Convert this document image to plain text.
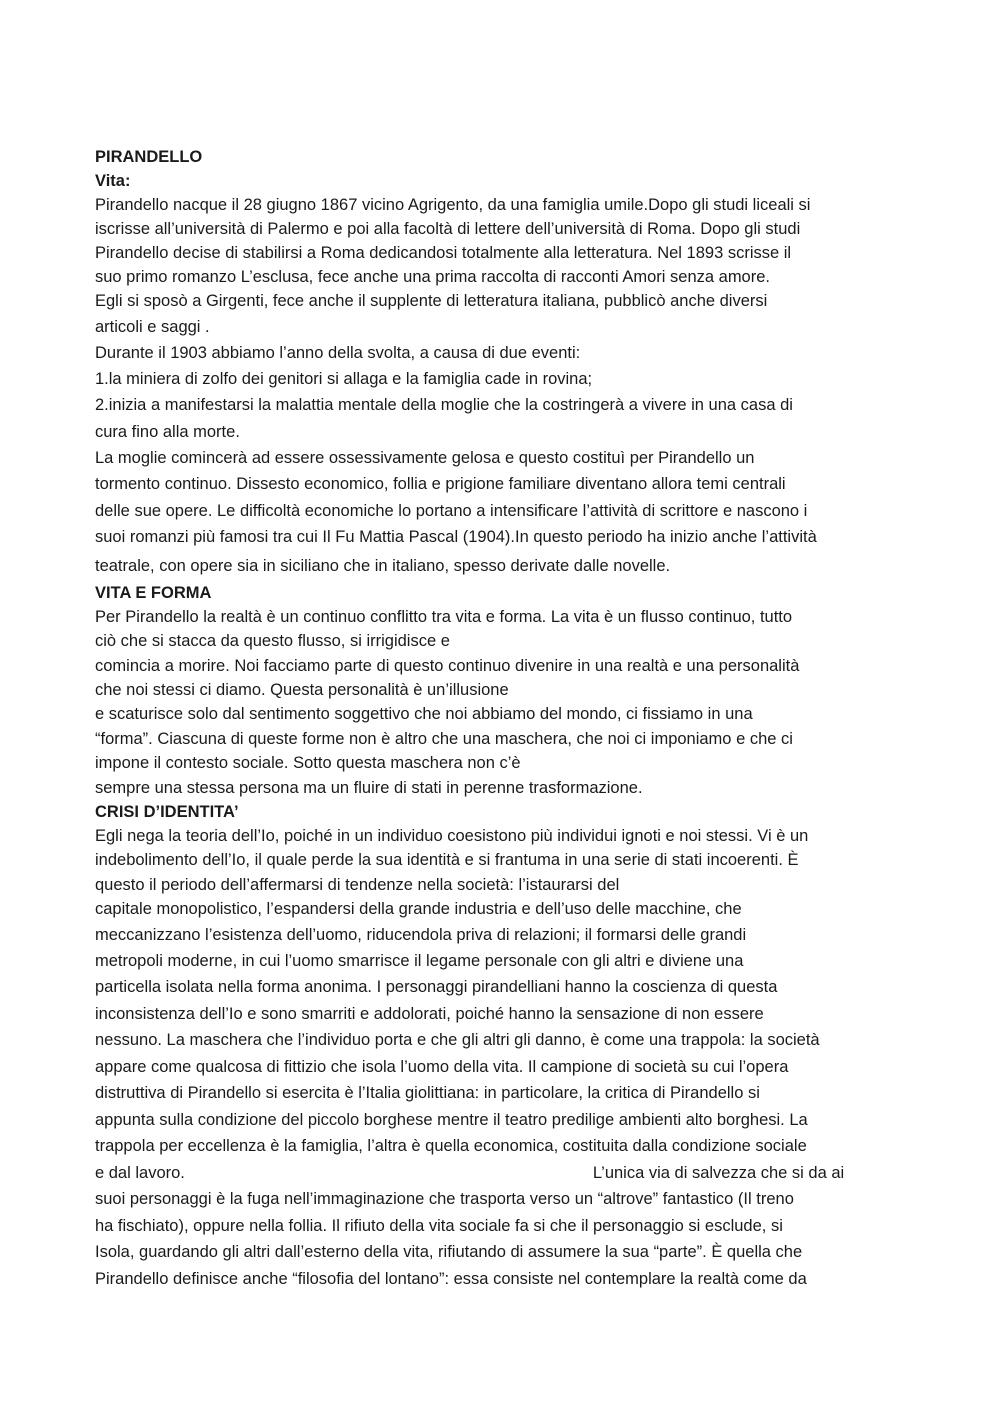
PIRANDELLO
Vita:
Pirandello nacque il 28 giugno 1867 vicino Agrigento, da una famiglia umile.Dopo gli studi liceali si
iscrisse all’università di Palermo e poi alla facoltà di lettere dell’università di Roma. Dopo gli studi
Pirandello decise di stabilirsi a Roma dedicandosi totalmente alla letteratura. Nel 1893 scrisse il
suo primo romanzo L’esclusa, fece anche una prima raccolta di racconti Amori senza amore.
Egli si sposò a Girgenti, fece anche il supplente di letteratura italiana, pubblicò anche diversi
articoli e saggi .
Durante il 1903 abbiamo l’anno della svolta, a causa di due eventi:
1.la miniera di zolfo dei genitori si allaga e la famiglia cade in rovina;
2.inizia a manifestarsi la malattia mentale della moglie che la costringerà a vivere in una casa di
cura fino alla morte.
La moglie comincerà ad essere ossessivamente gelosa e questo costituì per Pirandello un
tormento continuo. Dissesto economico, follia e prigione familiare diventano allora temi centrali
delle sue opere. Le difficoltà economiche lo portano a intensificare l’attività di scrittore e nascono i
suoi romanzi più famosi tra cui Il Fu Mattia Pascal (1904).In questo periodo ha inizio anche l’attività
teatrale, con opere sia in siciliano che in italiano, spesso derivate dalle novelle.
VITA E FORMA
Per Pirandello la realtà è un continuo conflitto tra vita e forma. La vita è un flusso continuo, tutto
ciò che si stacca da questo flusso, si irrigidisce e
comincia a morire. Noi facciamo parte di questo continuo divenire in una realtà e una personalità
che noi stessi ci diamo. Questa personalità è un’illusione
e scaturisce solo dal sentimento soggettivo che noi abbiamo del mondo, ci fissiamo in una
“forma”. Ciascuna di queste forme non è altro che una maschera, che noi ci imponiamo e che ci
impone il contesto sociale. Sotto questa maschera non c’è
sempre una stessa persona ma un fluire di stati in perenne trasformazione.
CRISI D’IDENTITA’
Egli nega la teoria dell’Io, poiché in un individuo coesistono più individui ignoti e noi stessi. Vi è un
indebolimento dell’Io, il quale perde la sua identità e si frantuma in una serie di stati incoerenti. È
questo il periodo dell’affermarsi di tendenze nella società: l’istaurarsi del
capitale monopolistico, l’espandersi della grande industria e dell’uso delle macchine, che
meccanizzano l’esistenza dell’uomo, riducendola priva di relazioni; il formarsi delle grandi
metropoli moderne, in cui l’uomo smarrisce il legame personale con gli altri e diviene una
particella isolata nella forma anonima. I personaggi pirandelliani hanno la coscienza di questa
inconsistenza dell’Io e sono smarriti e addolorati, poiché hanno la sensazione di non essere
nessuno. La maschera che l’individuo porta e che gli altri gli danno, è come una trappola: la società
appare come qualcosa di fittizio che isola l’uomo della vita. Il campione di società su cui l’opera
distruttiva di Pirandello si esercita è l’Italia giolittiana: in particolare, la critica di Pirandello si
appunta sulla condizione del piccolo borghese mentre il teatro predilige ambienti alto borghesi. La
trappola per eccellenza è la famiglia, l’altra è quella economica, costituita dalla condizione sociale
e dal lavoro.	L’unica via di salvezza che si da ai
suoi personaggi è la fuga nell’immaginazione che trasporta verso un “altrove” fantastico (Il treno
ha fischiato), oppure nella follia. Il rifiuto della vita sociale fa si che il personaggio si esclude, si
Isola, guardando gli altri dall’esterno della vita, rifiutando di assumere la sua “parte”. È quella che
Pirandello definisce anche “filosofia del lontano”: essa consiste nel contemplare la realtà come da
